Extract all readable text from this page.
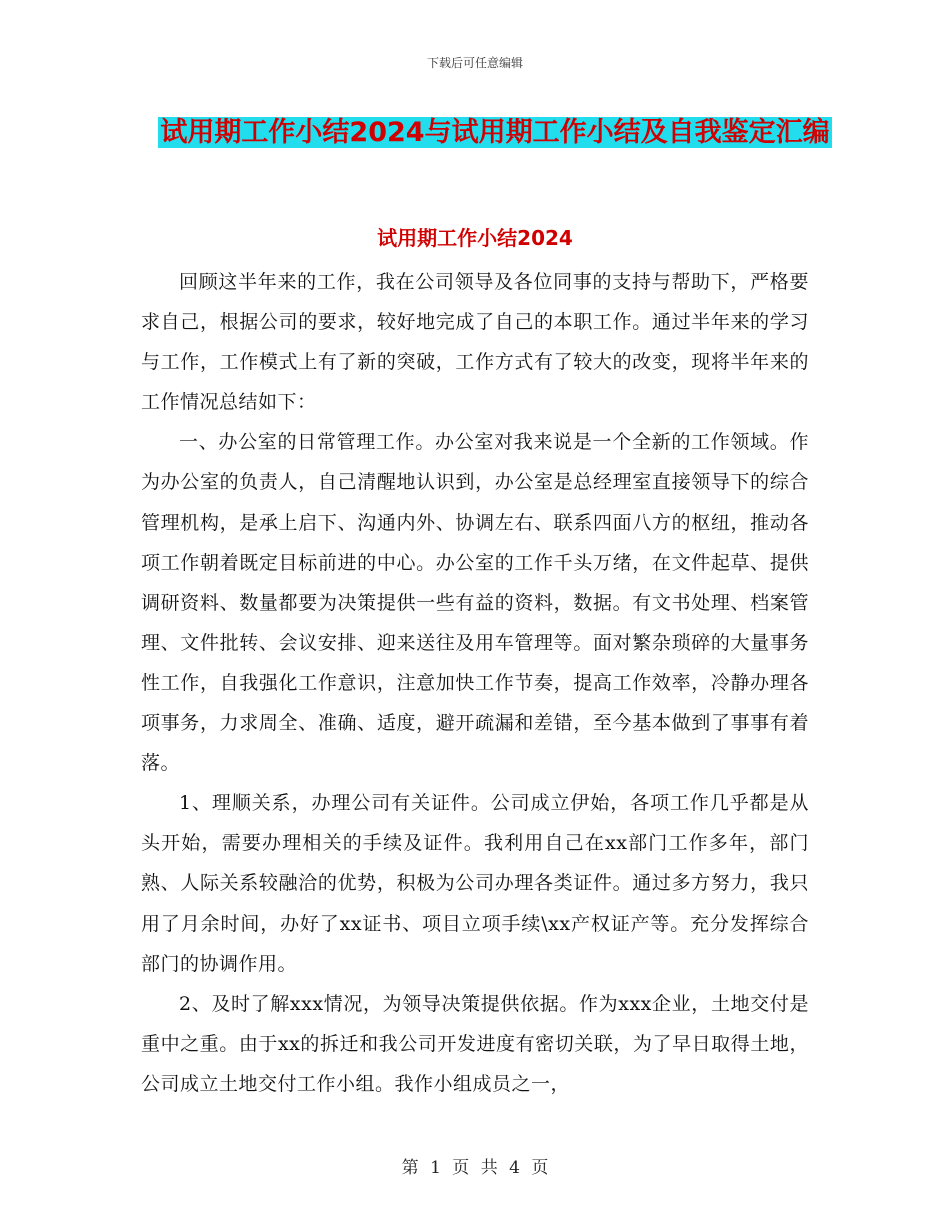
下载后可任意编辑
试用期工作小结2024与试用期工作小结及自我鉴定汇编
试用期工作小结2024

回顾这半年来的工作，我在公司领导及各位同事的支持与帮助下，严格要求自己，根据公司的要求，较好地完成了自己的本职工作。通过半年来的学习与工作，工作模式上有了新的突破，工作方式有了较大的改变，现将半年来的工作情况总结如下：

一、办公室的日常管理工作。办公室对我来说是一个全新的工作领域。作为办公室的负责人，自己清醒地认识到，办公室是总经理室直接领导下的综合管理机构，是承上启下、沟通内外、协调左右、联系四面八方的枢纽，推动各项工作朝着既定目标前进的中心。办公室的工作千头万绪，在文件起草、提供调研资料、数量都要为决策提供一些有益的资料，数据。有文书处理、档案管理、文件批转、会议安排、迎来送往及用车管理等。面对繁杂琐碎的大量事务性工作，自我强化工作意识，注意加快工作节奏，提高工作效率，冷静办理各项事务，力求周全、准确、适度，避开疏漏和差错，至今基本做到了事事有着落。

1、理顺关系，办理公司有关证件。公司成立伊始，各项工作几乎都是从头开始，需要办理相关的手续及证件。我利用自己在xx部门工作多年，部门熟、人际关系较融洽的优势，积极为公司办理各类证件。通过多方努力，我只用了月余时间，办好了xx证书、项目立项手续\xx产权证产等。充分发挥综合部门的协调作用。

2、及时了解xxx情况，为领导决策提供依据。作为xxx企业，土地交付是重中之重。由于xx的拆迁和我公司开发进度有密切关联，为了早日取得土地，公司成立土地交付工作小组。我作小组成员之一，

第 1 页 共 4 页
